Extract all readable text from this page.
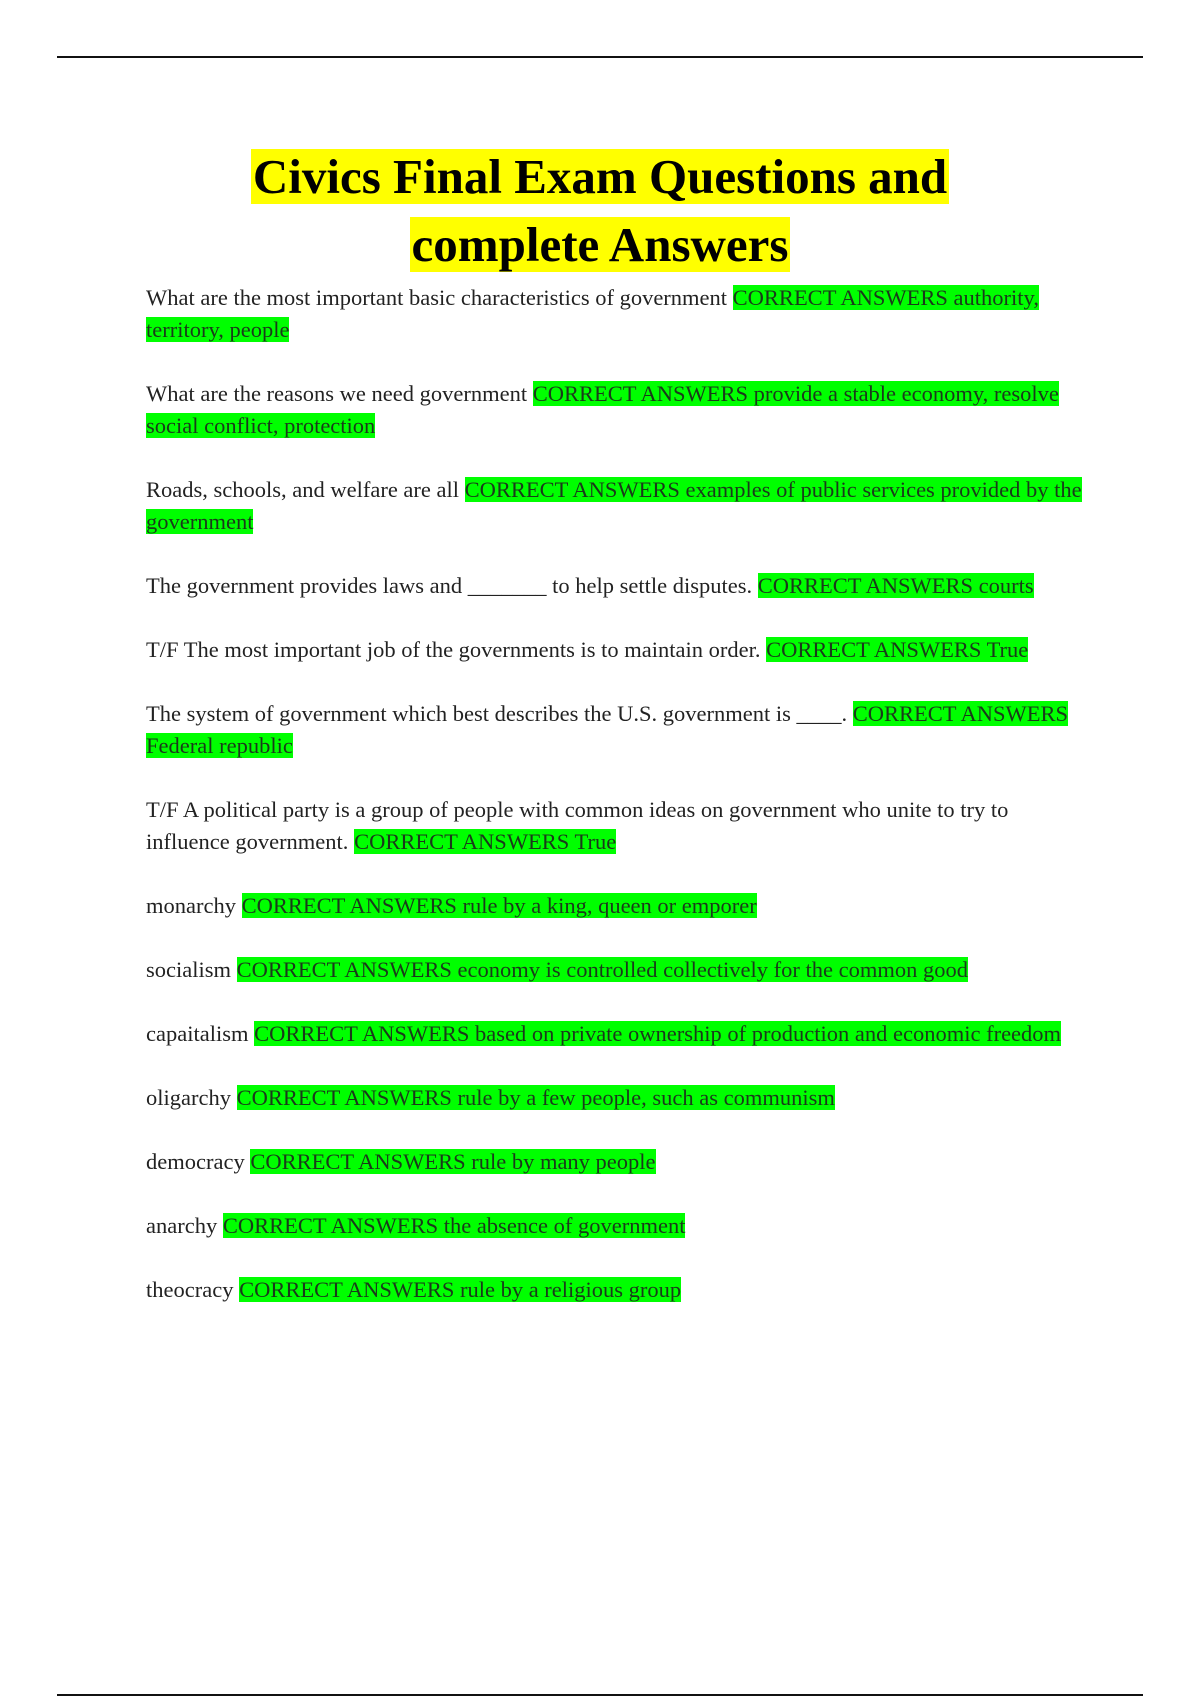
Civics Final Exam Questions and
complete Answers
What are the most important basic characteristics of government CORRECT ANSWERS authority, territory, people
What are the reasons we need government CORRECT ANSWERS provide a stable economy, resolve social conflict, protection
Roads, schools, and welfare are all CORRECT ANSWERS examples of public services provided by the government
The government provides laws and _______ to help settle disputes. CORRECT ANSWERS courts
T/F The most important job of the governments is to maintain order. CORRECT ANSWERS True
The system of government which best describes the U.S. government is ____. CORRECT ANSWERS Federal republic
T/F A political party is a group of people with common ideas on government who unite to try to influence government. CORRECT ANSWERS True
monarchy CORRECT ANSWERS rule by a king, queen or emporer
socialism CORRECT ANSWERS economy is controlled collectively for the common good
capaitalism CORRECT ANSWERS based on private ownership of production and economic freedom
oligarchy CORRECT ANSWERS rule by a few people, such as communism
democracy CORRECT ANSWERS rule by many people
anarchy CORRECT ANSWERS the absence of government
theocracy CORRECT ANSWERS rule by a religious group
